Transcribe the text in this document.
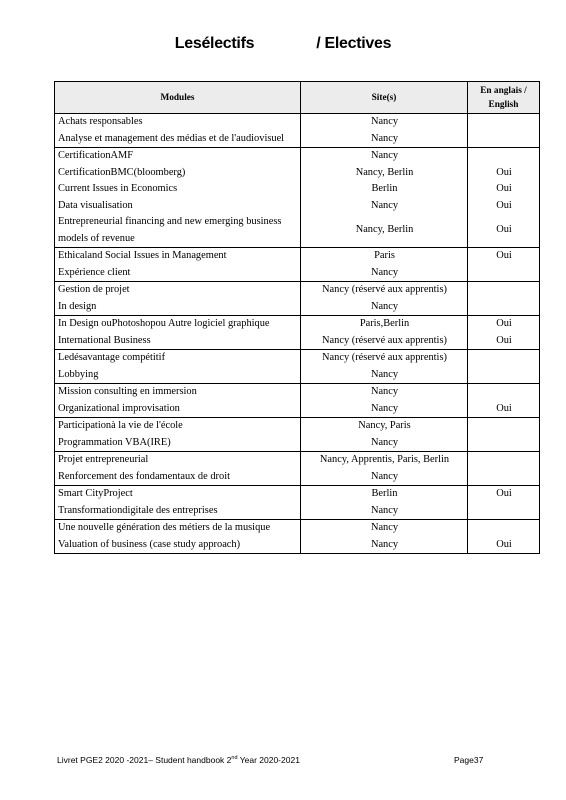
Lesélectifs	/ Electives
Modules	Site(s)	En anglais / English
Achats responsables	Nancy	
Analyse et management des médias et de l'audiovisuel	Nancy	
CertificationAMF	Nancy	
CertificationBMC(bloomberg)	Nancy, Berlin	Oui
Current Issues in Economics	Berlin	Oui
Data visualisation	Nancy	Oui
Entrepreneurial financing and new emerging business models of revenue	Nancy, Berlin	Oui
Ethicaland Social Issues in Management	Paris	Oui
Expérience client	Nancy	
Gestion de projet	Nancy (réservé aux apprentis)	
In design	Nancy	
In Design ouPhotoshopou Autre logiciel graphique	Paris,Berlin	Oui
International Business	Nancy (réservé aux apprentis)	Oui
Ledésavantage compétitif	Nancy (réservé aux apprentis)	
Lobbying	Nancy	
Mission consulting en immersion	Nancy	
Organizational improvisation	Nancy	Oui
Participationà la vie de l'école	Nancy, Paris	
Programmation VBA(IRE)	Nancy	
Projet entrepreneurial	Nancy, Apprentis, Paris, Berlin	
Renforcement des fondamentaux de droit	Nancy	
Smart CityProject	Berlin	Oui
Transformationdigitale des entreprises	Nancy	
Une nouvelle génération des métiers de la musique	Nancy	
Valuation of business (case study approach)	Nancy	Oui
Livret PGE2 2020 -2021– Student handbook 2nd Year 2020-2021	Page37
